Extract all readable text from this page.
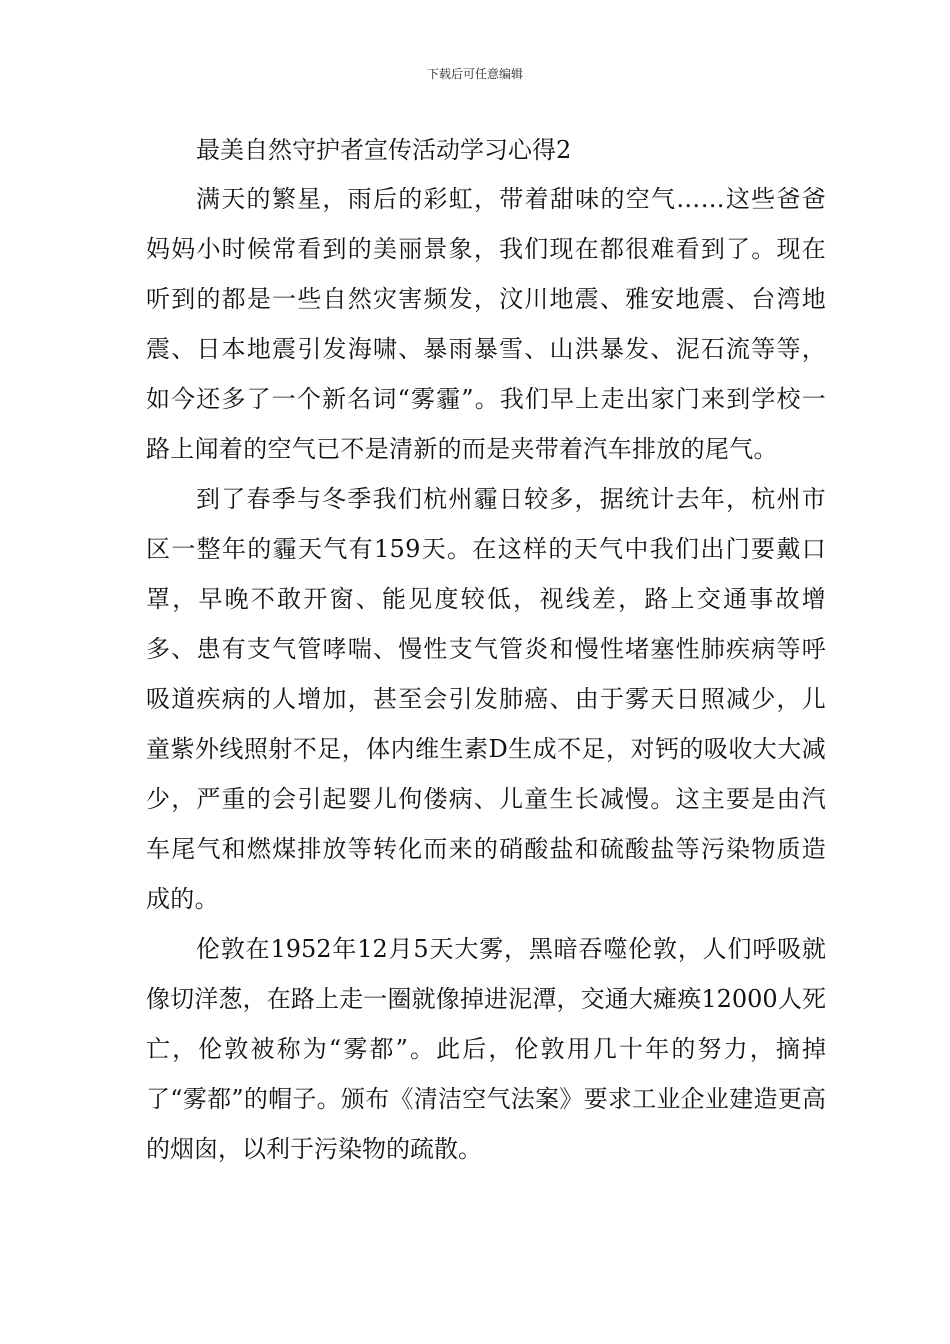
下载后可任意编辑
最美自然守护者宣传活动学习心得2

满天的繁星，雨后的彩虹，带着甜味的空气……这些爸爸妈妈小时候常看到的美丽景象，我们现在都很难看到了。现在听到的都是一些自然灾害频发，汶川地震、雅安地震、台湾地震、日本地震引发海啸、暴雨暴雪、山洪暴发、泥石流等等，如今还多了一个新名词“雾霾”。我们早上走出家门来到学校一路上闻着的空气已不是清新的而是夹带着汽车排放的尾气。

到了春季与冬季我们杭州霾日较多，据统计去年，杭州市区一整年的霾天气有159天。在这样的天气中我们出门要戴口罩，早晚不敢开窗、能见度较低，视线差，路上交通事故增多、患有支气管哮喘、慢性支气管炎和慢性堵塞性肺疾病等呼吸道疾病的人增加，甚至会引发肺癌、由于雾天日照减少，儿童紫外线照射不足，体内维生素D生成不足，对钙的吸收大大减少，严重的会引起婴儿佝偻病、儿童生长减慢。这主要是由汽车尾气和燃煤排放等转化而来的硝酸盐和硫酸盐等污染物质造成的。

伦敦在1952年12月5天大雾，黑暗吞噬伦敦，人们呼吸就像切洋葱，在路上走一圈就像掉进泥潭，交通大瘫痪12000人死亡，伦敦被称为“雾都”。此后，伦敦用几十年的努力，摘掉了“雾都”的帽子。颁布《清洁空气法案》要求工业企业建造更高的烟囱，以利于污染物的疏散。
